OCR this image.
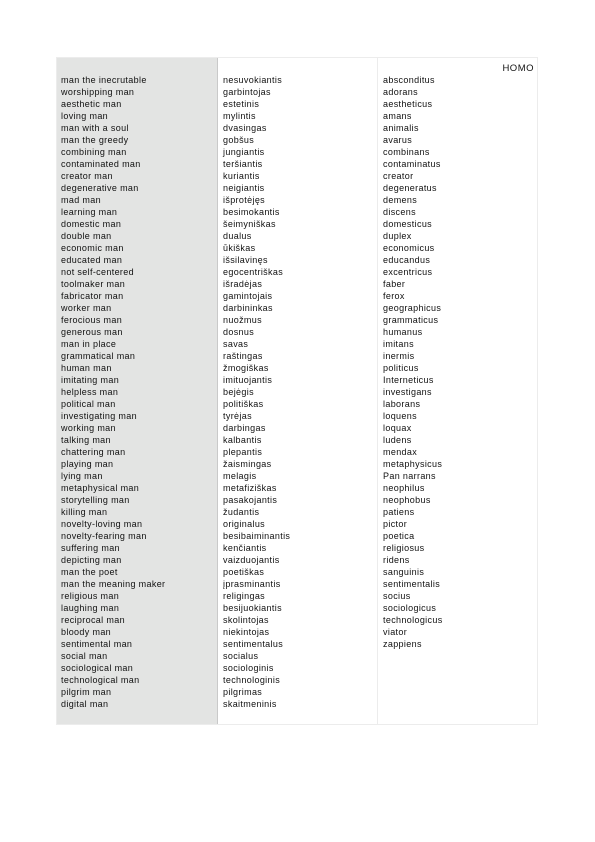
man the inecrutable
worshipping man
aesthetic man
loving man
man with a soul
man the greedy
combining man
contaminated man
creator man
degenerative man
mad man
learning man
domestic man
double man
economic man
educated man
not self-centered
toolmaker man
fabricator man
worker man
ferocious man
generous man
man in place
grammatical man
human man
imitating man
helpless man
political man
investigating man
working man
talking man
chattering man
playing man
lying man
metaphysical man
storytelling man
killing man
novelty-loving man
novelty-fearing man
suffering man
depicting man
man the poet
man the meaning maker
religious man
laughing man
reciprocal man
bloody man
sentimental man
social man
sociological man
technological man
pilgrim man
digital man
nesuvokiantis
garbintojas
estetinis
mylintis
dvasingas
gobšus
jungiantis
teršiantis
kuriantis
neigiantis
išprotėjęs
besimokantis
šeimyniškas
dualus
ūkiškas
išsilavinęs
egocentriškas
išradėjas
gamintojais
darbininkas
nuožmus
dosnus
savas
raštingas
žmogiškas
imituojantis
bejėgis
politiškas
tyrėjas
darbingas
kalbantis
plepantis
žaismingas
melagis
metafiziškas
pasakojantis
žudantis
originalus
besibaiminantis
kenčiantis
vaizduojantis
poetiškas
įprasminantis
religingas
besijuokiantis
skolintojas
niekintojas
sentimentalus
socialus
sociologinis
technologinis
pilgrimas
skaitmeninis
HOMO
absconditus
adorans
aestheticus
amans
animalis
avarus
combinans
contaminatus
creator
degeneratus
demens
discens
domesticus
duplex
economicus
educandus
excentricus
faber
ferox
geographicus
grammaticus
humanus
imitans
inermis
politicus
Interneticus
investigans
laborans
loquens
loquax
ludens
mendax
metaphysicus
Pan narrans
neophilus
neophobus
patiens
pictor
poetica
religiosus
ridens
sanguinis
sentimentalis
socius
sociologicus
technologicus
viator
zappiens
